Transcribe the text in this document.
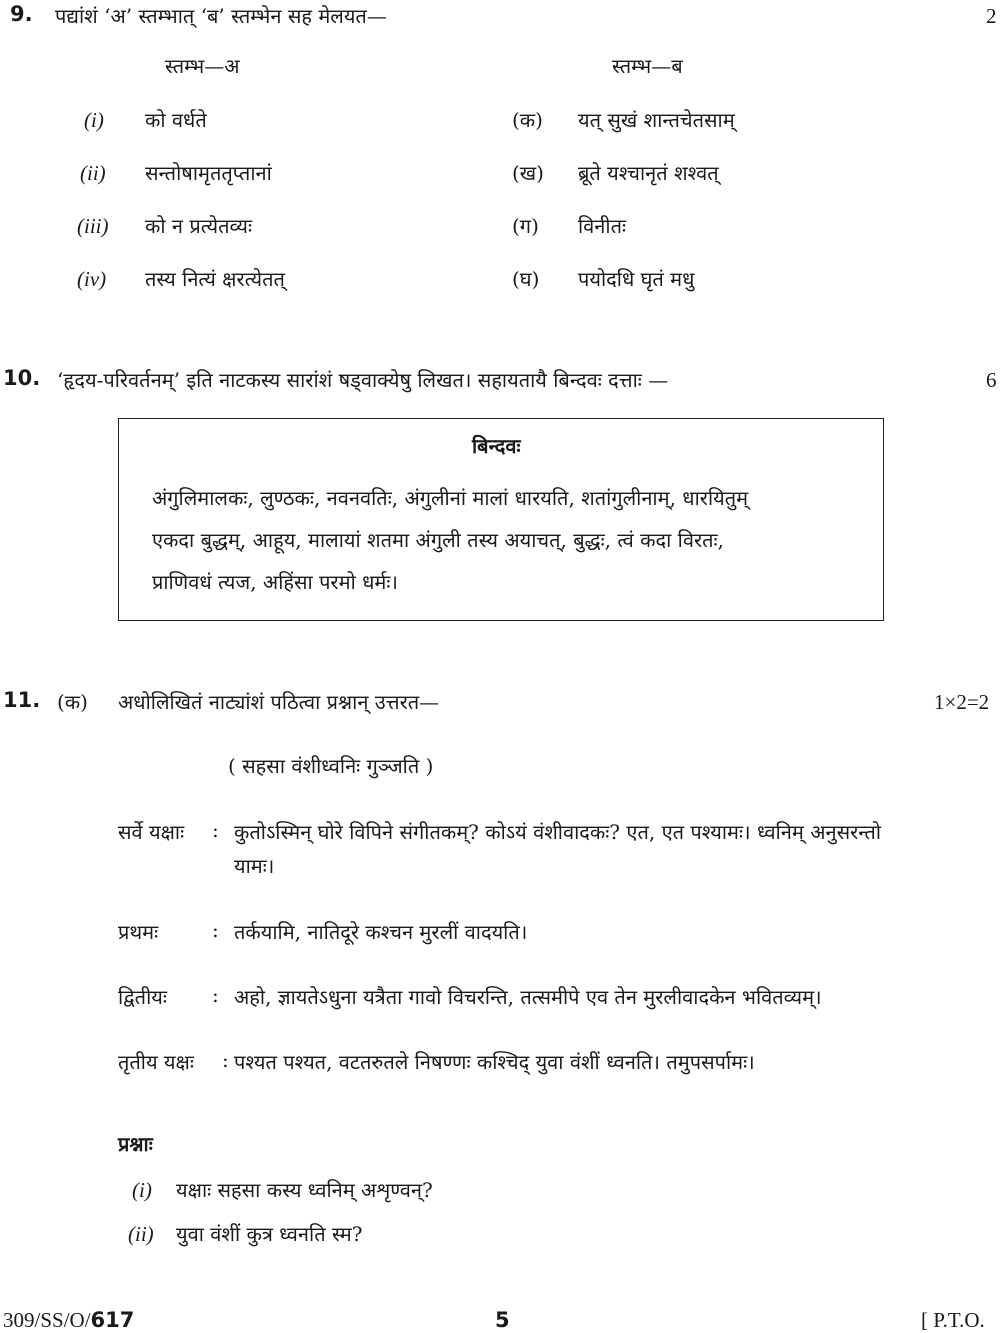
9. पद्यांशं ‘अ’ स्तम्भात् ‘ब’ स्तम्भेन सह मेलयत—	2
स्तम्भ—अ	स्तम्भ—ब
(i) को वर्धते	(क) यत् सुखं शान्तचेतसाम्
(ii) सन्तोषामृततृप्तानां	(ख) ब्रूते यश्चानृतं शश्वत्
(iii) को न प्रत्येतव्यः	(ग) विनीतः
(iv) तस्य नित्यं क्षरत्येतत्	(घ) पयोदधि घृतं मधु
10. ‘हृदय-परिवर्तनम्’ इति नाटकस्य सारांशं षड्वाक्येषु लिखत। सहायतायै बिन्दवः दत्ताः —	6
बिन्दवः
अंगुलिमालकः, लुण्ठकः, नवनवतिः, अंगुलीनां मालां धारयति, शतांगुलीनाम्, धारयितुम्
एकदा बुद्धम्, आहूय, मालायां शतमा अंगुली तस्य अयाचत्, बुद्धः, त्वं कदा विरतः,
प्राणिवधं त्यज, अहिंसा परमो धर्मः।
11. (क) अधोलिखितं नाट्यांशं पठित्वा प्रश्नान् उत्तरत—	1×2=2
( सहसा वंशीध्वनिः गुञ्जति )
सर्वे यक्षाः : कुतोऽस्मिन् घोरे विपिने संगीतकम्? कोऽयं वंशीवादकः? एत, एत पश्यामः। ध्वनिम् अनुसरन्तो
यामः।
प्रथमः	: तर्कयामि, नातिदूरे कश्चन मुरलीं वादयति।
द्वितीयः : अहो, ज्ञायतेऽधुना यत्रैता गावो विचरन्ति, तत्समीपे एव तेन मुरलीवादकेन भवितव्यम्।
तृतीय यक्षः : पश्यत पश्यत, वटतरुतले निषण्णः कश्चिद् युवा वंशीं ध्वनति। तमुपसर्पामः।
प्रश्नाः
(i) यक्षाः सहसा कस्य ध्वनिम् अशृण्वन्?
(ii) युवा वंशीं कुत्र ध्वनति स्म?
309/SS/O/617	5	[ P.T.O.
